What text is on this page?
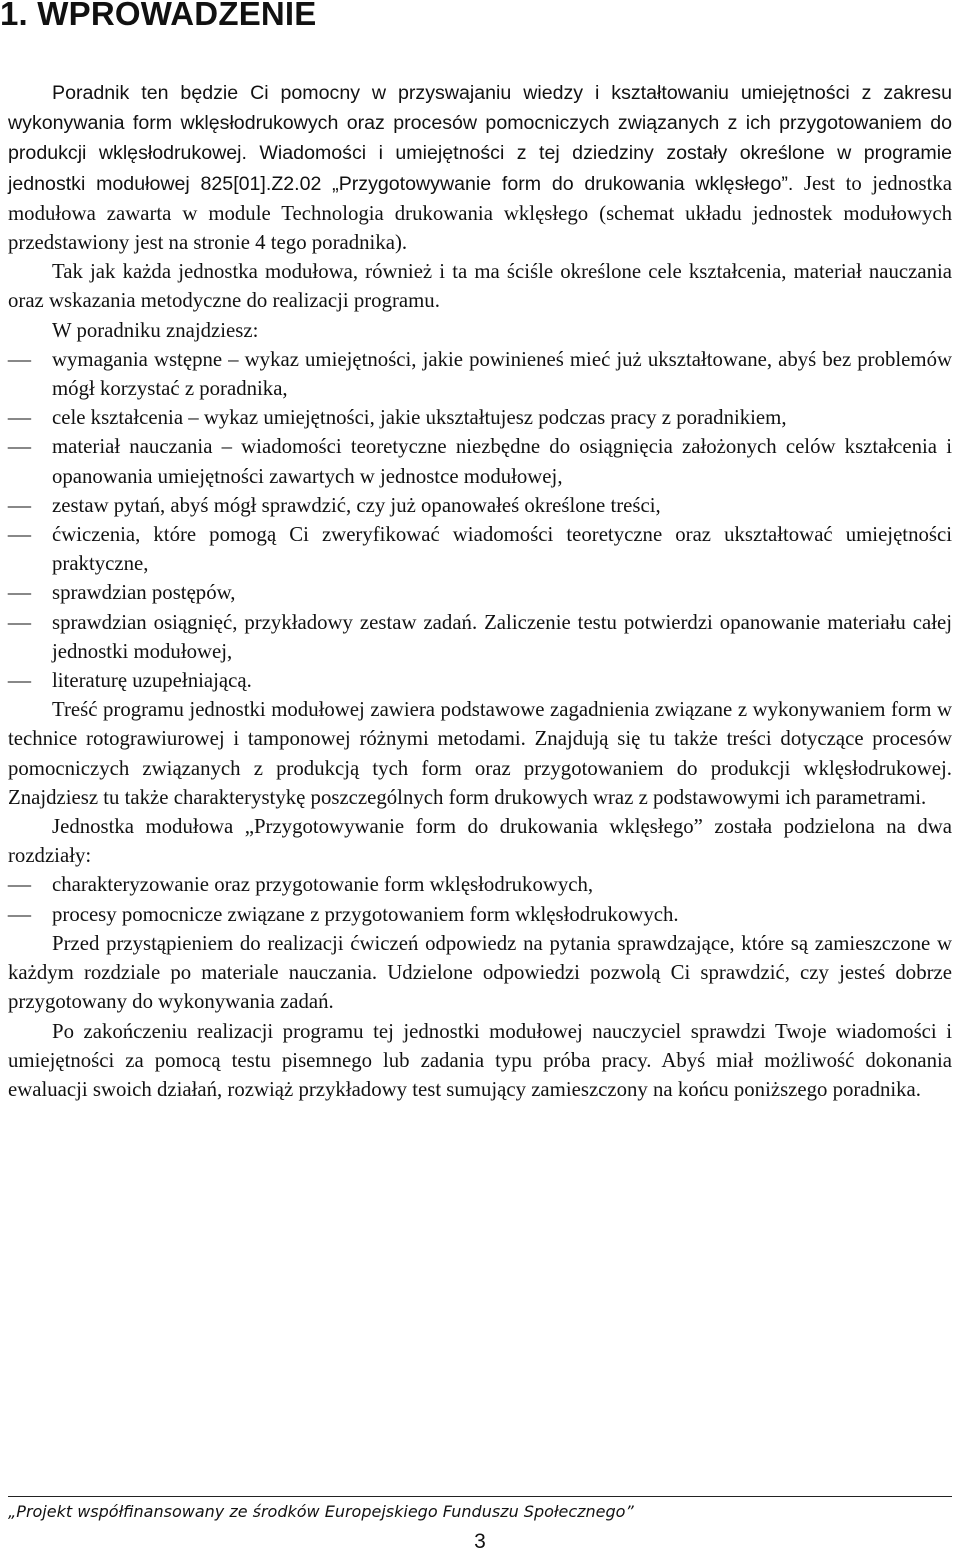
1. WPROWADZENIE

Poradnik ten będzie Ci pomocny w przyswajaniu wiedzy i kształtowaniu umiejętności z zakresu wykonywania form wklęsłodrukowych oraz procesów pomocniczych związanych z ich przygotowaniem do produkcji wklęsłodrukowej. Wiadomości i umiejętności z tej dziedziny zostały określone w programie jednostki modułowej 825[01].Z2.02 „Przygotowywanie form do drukowania wklęsłego”. Jest to jednostka modułowa zawarta w module Technologia drukowania wklęsłego (schemat układu jednostek modułowych przedstawiony jest na stronie 4 tego poradnika).

Tak jak każda jednostka modułowa, również i ta ma ściśle określone cele kształcenia, materiał nauczania oraz wskazania metodyczne do realizacji programu.

W poradniku znajdziesz:

– wymagania wstępne – wykaz umiejętności, jakie powinieneś mieć już ukształtowane, abyś bez problemów mógł korzystać z poradnika,
– cele kształcenia – wykaz umiejętności, jakie ukształtujesz podczas pracy z poradnikiem,
– materiał nauczania – wiadomości teoretyczne niezbędne do osiągnięcia założonych celów kształcenia i opanowania umiejętności zawartych w jednostce modułowej,
– zestaw pytań, abyś mógł sprawdzić, czy już opanowałeś określone treści,
– ćwiczenia, które pomogą Ci zweryfikować wiadomości teoretyczne oraz ukształtować umiejętności praktyczne,
– sprawdzian postępów,
– sprawdzian osiągnięć, przykładowy zestaw zadań. Zaliczenie testu potwierdzi opanowanie materiału całej jednostki modułowej,
– literaturę uzupełniającą.

Treść programu jednostki modułowej zawiera podstawowe zagadnienia związane z wykonywaniem form w technice rotograwiurowej i tamponowej różnymi metodami. Znajdują się tu także treści dotyczące procesów pomocniczych związanych z produkcją tych form oraz przygotowaniem do produkcji wklęsłodrukowej. Znajdziesz tu także charakterystykę poszczególnych form drukowych wraz z podstawowymi ich parametrami.

Jednostka modułowa „Przygotowywanie form do drukowania wklęsłego” została podzielona na dwa rozdziały:

– charakteryzowanie oraz przygotowanie form wklęsłodrukowych,
– procesy pomocnicze związane z przygotowaniem form wklęsłodrukowych.

Przed przystąpieniem do realizacji ćwiczeń odpowiedz na pytania sprawdzające, które są zamieszczone w każdym rozdziale po materiale nauczania. Udzielone odpowiedzi pozwolą Ci sprawdzić, czy jesteś dobrze przygotowany do wykonywania zadań.

Po zakończeniu realizacji programu tej jednostki modułowej nauczyciel sprawdzi Twoje wiadomości i umiejętności za pomocą testu pisemnego lub zadania typu próba pracy. Abyś miał możliwość dokonania ewaluacji swoich działań, rozwiąż przykładowy test sumujący zamieszczony na końcu poniższego poradnika.

„Projekt współfinansowany ze środków Europejskiego Funduszu Społecznego”

3
